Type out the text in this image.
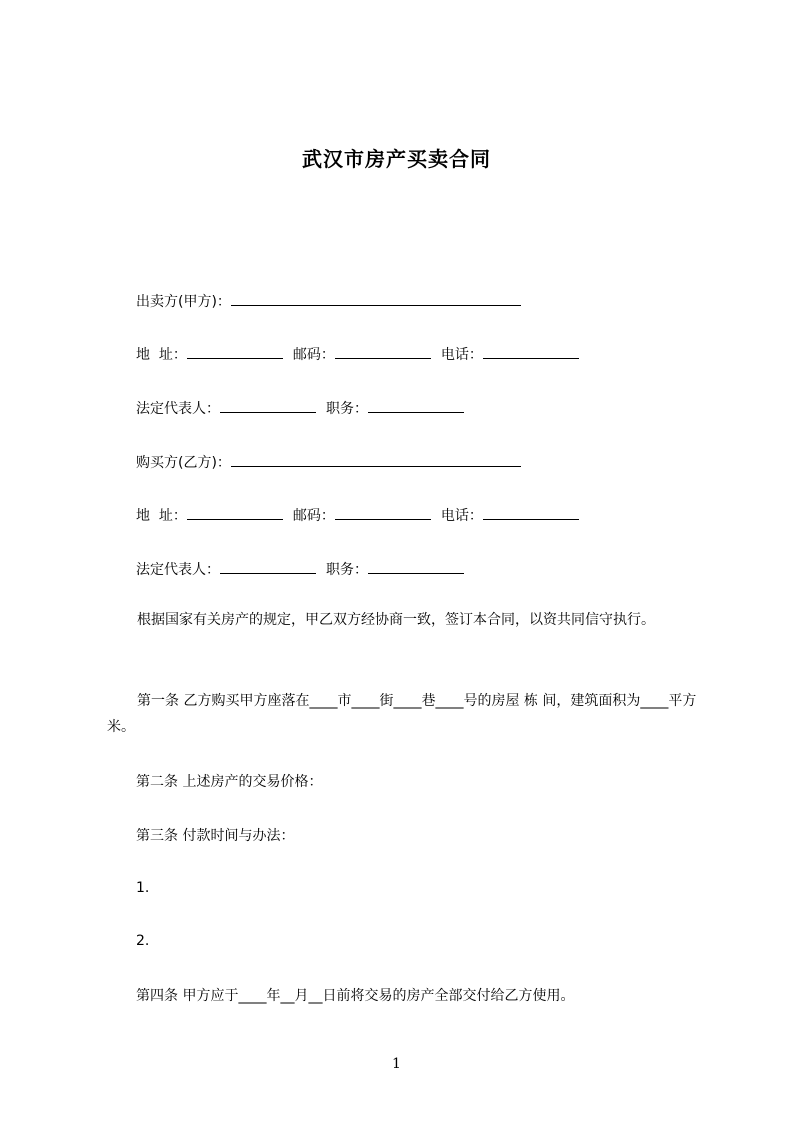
武汉市房产买卖合同
出卖方(甲方)：
地  址：	邮码：	电话：
法定代表人：	职务：
购买方(乙方)：
地  址：	邮码：	电话：
法定代表人：	职务：
根据国家有关房产的规定，甲乙双方经协商一致，签订本合同，以资共同信守执行。
第一条 乙方购买甲方座落在____市____街____巷____号的房屋 栋 间，建筑面积为____平方米。
第二条 上述房产的交易价格：
第三条 付款时间与办法：
1.
2.
第四条 甲方应于____年__月__日前将交易的房产全部交付给乙方使用。
1
